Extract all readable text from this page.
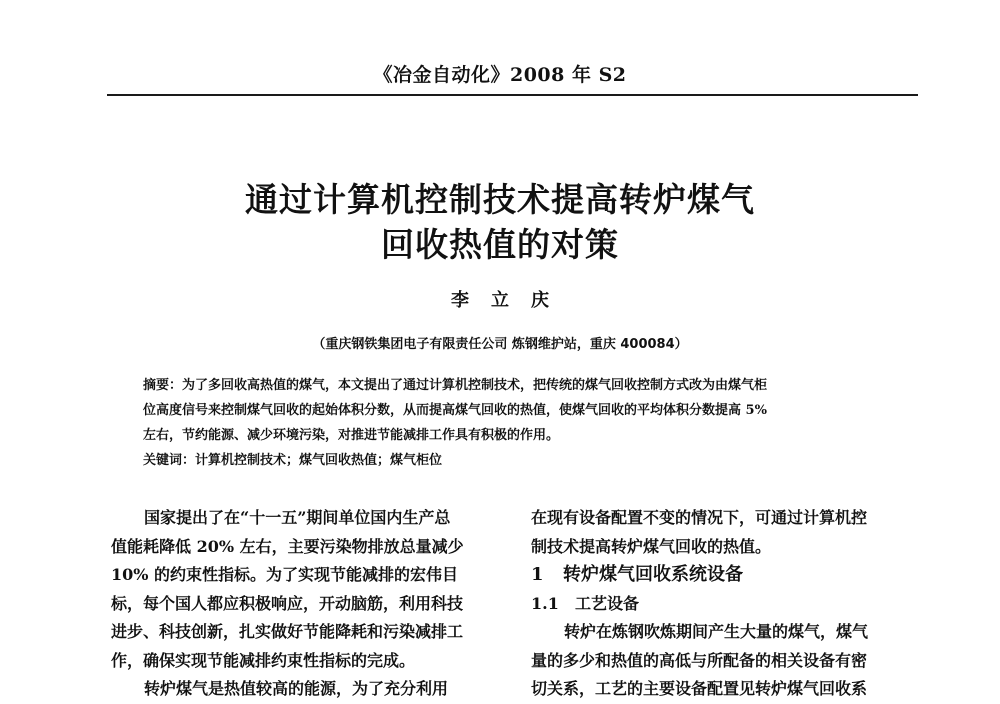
《冶金自动化》2008 年 S2
通过计算机控制技术提高转炉煤气
回收热值的对策
李立庆
（重庆钢铁集团电子有限责任公司 炼钢维护站，重庆 400084）
摘要：为了多回收高热值的煤气，本文提出了通过计算机控制技术，把传统的煤气回收控制方式改为由煤气柜
位高度信号来控制煤气回收的起始体积分数，从而提高煤气回收的热值，使煤气回收的平均体积分数提高 5%
左右，节约能源、减少环境污染，对推进节能减排工作具有积极的作用。
关键词：计算机控制技术；煤气回收热值；煤气柜位
国家提出了在“十一五”期间单位国内生产总
值能耗降低 20% 左右，主要污染物排放总量减少
10% 的约束性指标。为了实现节能减排的宏伟目
标，每个国人都应积极响应，开动脑筋，利用科技
进步、科技创新，扎实做好节能降耗和污染减排工
作，确保实现节能减排约束性指标的完成。
转炉煤气是热值较高的能源，为了充分利用
在现有设备配置不变的情况下，可通过计算机控
制技术提高转炉煤气回收的热值。
1 转炉煤气回收系统设备
1.1 工艺设备
转炉在炼钢吹炼期间产生大量的煤气，煤气
量的多少和热值的高低与所配备的相关设备有密
切关系，工艺的主要设备配置见转炉煤气回收系
